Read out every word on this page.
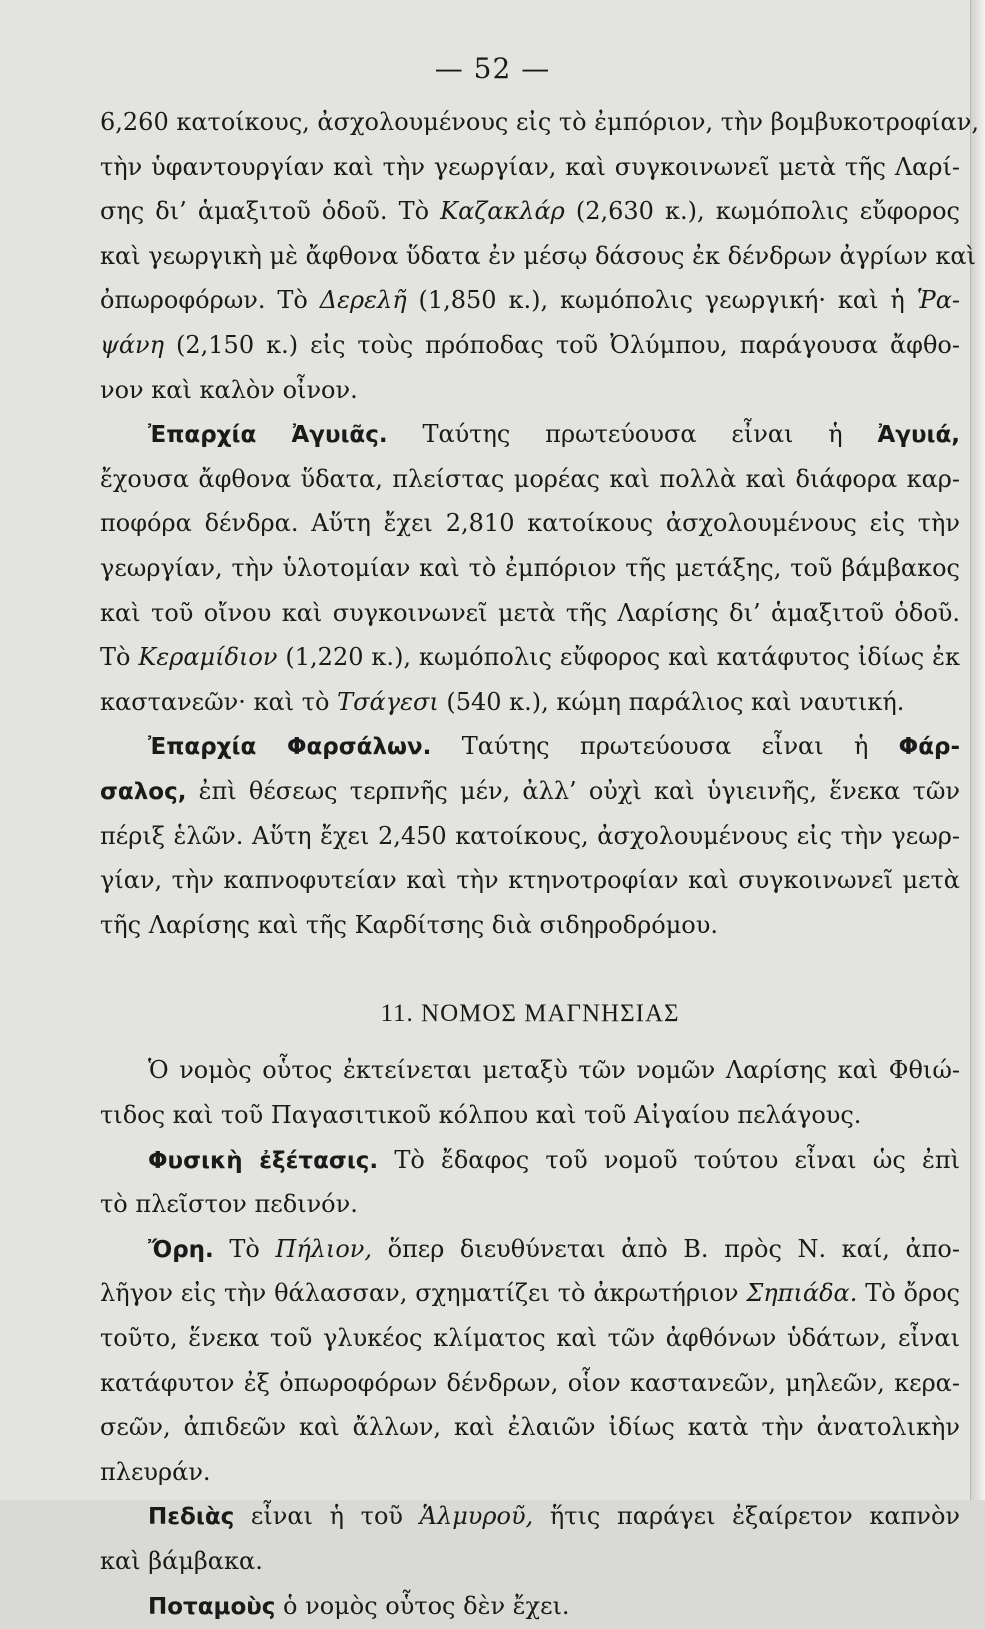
— 52 —
6,260 κατοίκους, ἀσχολουμένους εἰς τὸ ἐμπόριον, τὴν βομβυκοτροφίαν,
τὴν ὑφαντουργίαν καὶ τὴν γεωργίαν, καὶ συγκοινωνεῖ μετὰ τῆς Λαρί-
σης δι’ ἁμαξιτοῦ ὁδοῦ. Τὸ Καζακλάρ (2,630 κ.), κωμόπολις εὔφορος
καὶ γεωργικὴ μὲ ἄφθονα ὕδατα ἐν μέσῳ δάσους ἐκ δένδρων ἀγρίων καὶ
ὀπωροφόρων. Τὸ Δερελῆ (1,850 κ.), κωμόπολις γεωργική· καὶ ἡ Ῥα-
ψάνη (2,150 κ.) εἰς τοὺς πρόποδας τοῦ Ὀλύμπου, παράγουσα ἄφθο-
νον καὶ καλὸν οἶνον.
Ἐπαρχία Ἀγυιᾶς. Ταύτης πρωτεύουσα εἶναι ἡ Ἀγυιά,
ἔχουσα ἄφθονα ὕδατα, πλείστας μορέας καὶ πολλὰ καὶ διάφορα καρ-
ποφόρα δένδρα. Αὕτη ἔχει 2,810 κατοίκους ἀσχολουμένους εἰς τὴν
γεωργίαν, τὴν ὑλοτομίαν καὶ τὸ ἐμπόριον τῆς μετάξης, τοῦ βάμβακος
καὶ τοῦ οἴνου καὶ συγκοινωνεῖ μετὰ τῆς Λαρίσης δι’ ἁμαξιτοῦ ὁδοῦ.
Τὸ Κεραμίδιον (1,220 κ.), κωμόπολις εὔφορος καὶ κατάφυτος ἰδίως ἐκ
καστανεῶν· καὶ τὸ Τσάγεσι (540 κ.), κώμη παράλιος καὶ ναυτική.
Ἐπαρχία Φαρσάλων. Ταύτης πρωτεύουσα εἶναι ἡ Φάρ-
σαλος, ἐπὶ θέσεως τερπνῆς μέν, ἀλλ’ οὐχὶ καὶ ὑγιεινῆς, ἕνεκα τῶν
πέριξ ἑλῶν. Αὕτη ἔχει 2,450 κατοίκους, ἀσχολουμένους εἰς τὴν γεωρ-
γίαν, τὴν καπνοφυτείαν καὶ τὴν κτηνοτροφίαν καὶ συγκοινωνεῖ μετὰ
τῆς Λαρίσης καὶ τῆς Καρδίτσης διὰ σιδηροδρόμου.
11. ΝΟΜΟΣ ΜΑΓΝΗΣΙΑΣ
Ὁ νομὸς οὗτος ἐκτείνεται μεταξὺ τῶν νομῶν Λαρίσης καὶ Φθιώ-
τιδος καὶ τοῦ Παγασιτικοῦ κόλπου καὶ τοῦ Αἰγαίου πελάγους.
Φυσικὴ ἐξέτασις. Τὸ ἔδαφος τοῦ νομοῦ τούτου εἶναι ὡς ἐπὶ
τὸ πλεῖστον πεδινόν.
Ὄρη. Τὸ Πήλιον, ὅπερ διευθύνεται ἀπὸ Β. πρὸς Ν. καί, ἀπο-
λῆγον εἰς τὴν θάλασσαν, σχηματίζει τὸ ἀκρωτήριον Σηπιάδα. Τὸ ὄρος
τοῦτο, ἕνεκα τοῦ γλυκέος κλίματος καὶ τῶν ἀφθόνων ὑδάτων, εἶναι
κατάφυτον ἐξ ὀπωροφόρων δένδρων, οἷον καστανεῶν, μηλεῶν, κερα-
σεῶν, ἀπιδεῶν καὶ ἄλλων, καὶ ἐλαιῶν ἰδίως κατὰ τὴν ἀνατολικὴν
πλευράν.
Πεδιὰς εἶναι ἡ τοῦ Ἁλμυροῦ, ἥτις παράγει ἐξαίρετον καπνὸν
καὶ βάμβακα.
Ποταμοὺς ὁ νομὸς οὗτος δὲν ἔχει.
